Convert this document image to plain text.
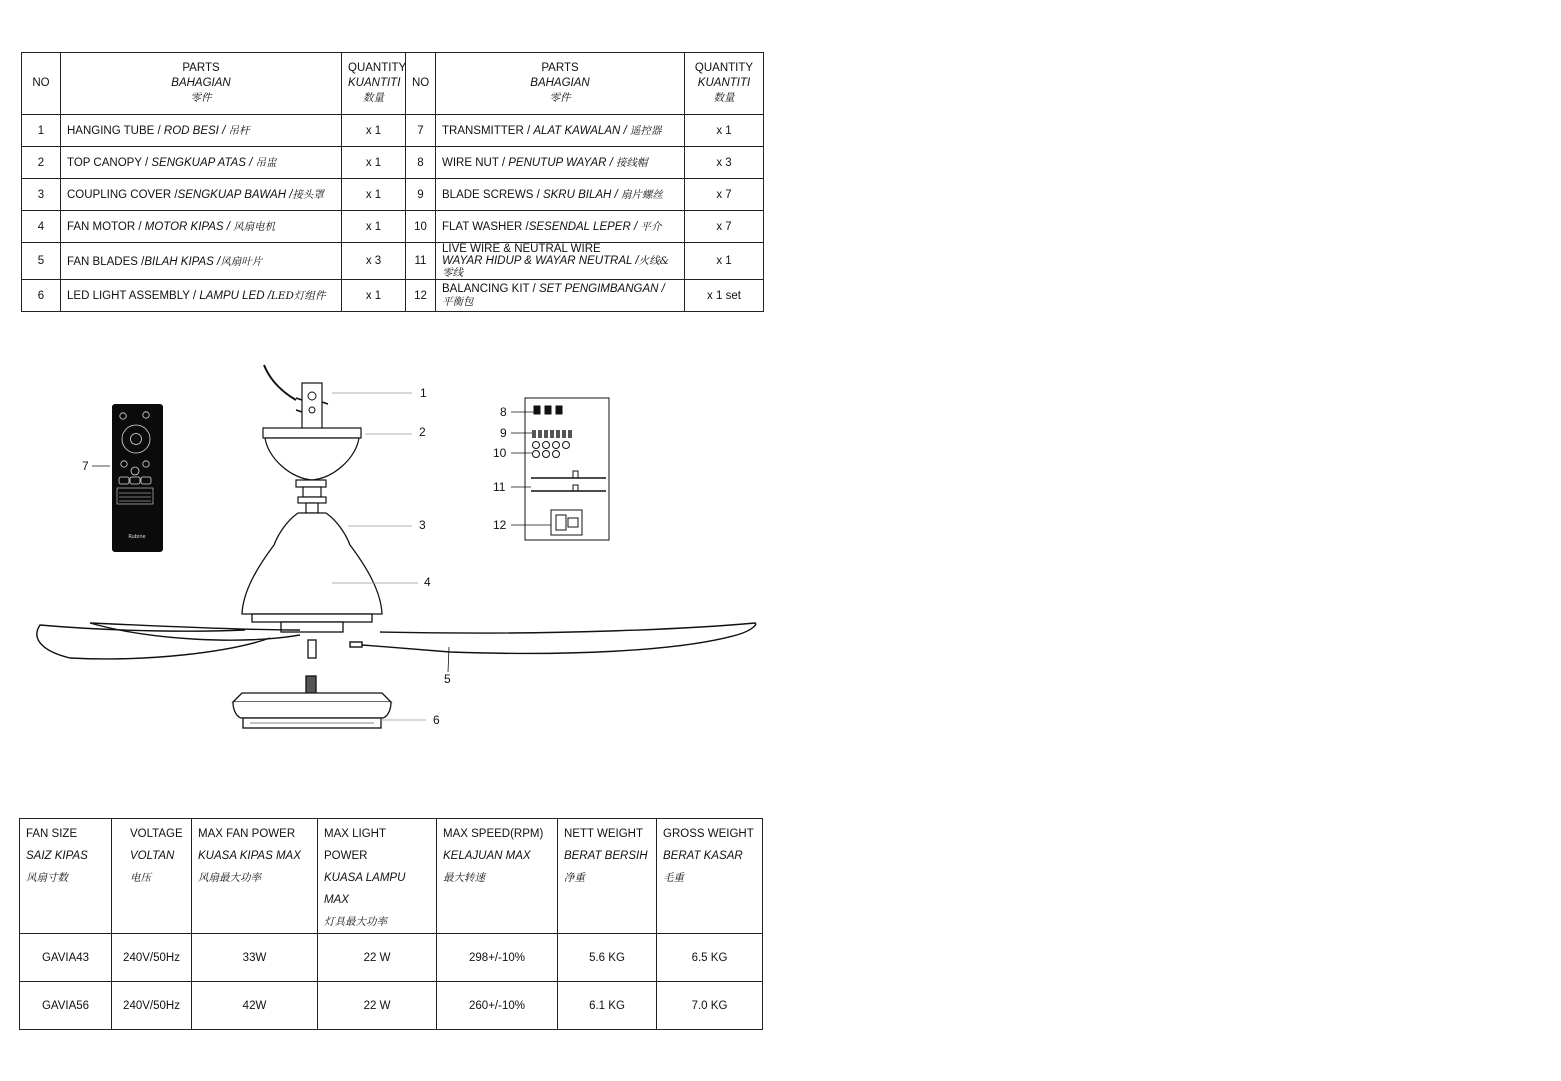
NO	PARTS
BAHAGIAN
零件	QUANTITY
KUANTITI
数量	NO	PARTS
BAHAGIAN
零件	QUANTITY
KUANTITI
数量

1	HANGING TUBE / ROD BESI / 吊杆	x 1	7	TRANSMITTER / ALAT KAWALAN / 遥控器	x 1
2	TOP CANOPY / SENGKUAP ATAS / 吊盅	x 1	8	WIRE NUT / PENUTUP WAYAR / 接线帽	x 3
3	COUPLING COVER /SENGKUAP BAWAH /接头罩	x 1	9	BLADE SCREWS / SKRU BILAH / 扇片螺丝	x 7
4	FAN MOTOR / MOTOR KIPAS / 风扇电机	x 1	10	FLAT WASHER /SESENDAL LEPER / 平介	x 7
5	FAN BLADES /BILAH KIPAS /风扇叶片	x 3	11	LIVE WIRE & NEUTRAL WIRE
WAYAR HIDUP & WAYAR NEUTRAL /火线&零线	x 1
6	LED LIGHT ASSEMBLY / LAMPU LED /LED灯组件	x 1	12	BALANCING KIT / SET PENGIMBANGAN /
平衡包	x 1 set
Rubine
1
2
3
4
5
6
7
8
9
10
11
12
FAN SIZE
SAIZ KIPAS
风扇寸数	VOLTAGE
VOLTAN
电压	MAX FAN POWER
KUASA KIPAS MAX
风扇最大功率	MAX LIGHT POWER
KUASA LAMPU MAX
灯具最大功率	MAX SPEED(RPM)
KELAJUAN MAX
最大转速	NETT WEIGHT
BERAT BERSIH
净重	GROSS WEIGHT
BERAT KASAR
毛重
GAVIA43	240V/50Hz	33W	22 W	298+/-10%	5.6 KG	6.5 KG
GAVIA56	240V/50Hz	42W	22 W	260+/-10%	6.1 KG	7.0 KG
